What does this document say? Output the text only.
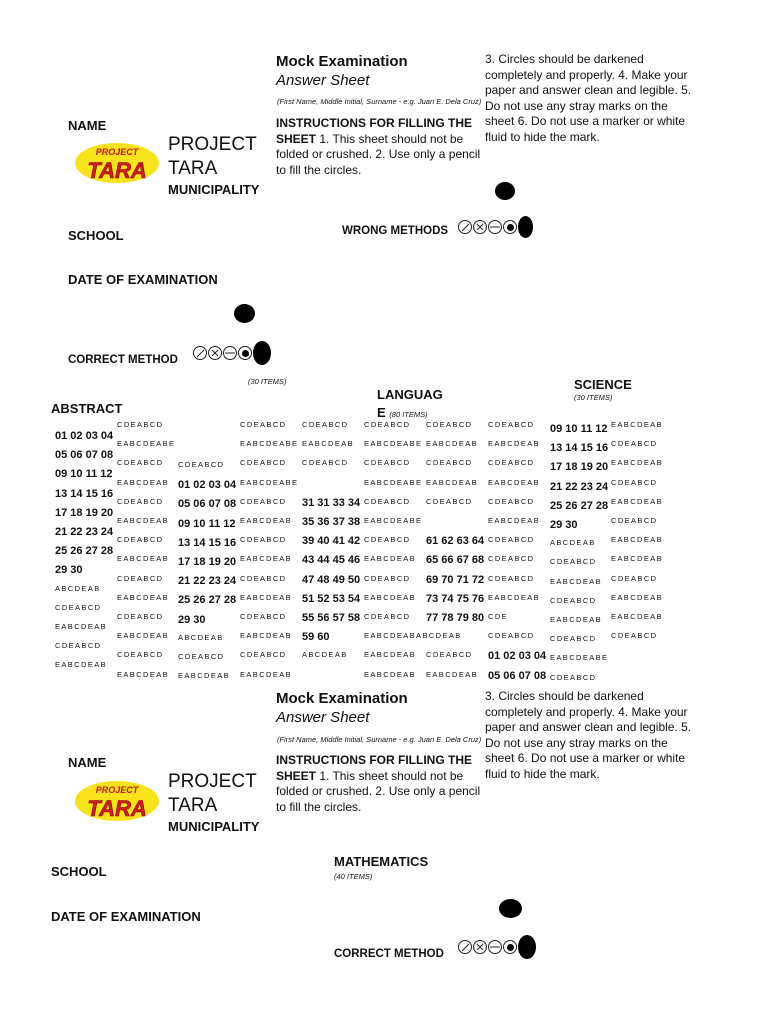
Mock Examination
Answer Sheet
(First Name, Middle Initial, Surname - e.g. Juan E. Dela Cruz)
INSTRUCTIONS FOR FILLING THE
SHEET 1. This sheet should not be folded or crushed. 2. Use only a pencil to fill the circles.
3. Circles should be darkened completely and properly. 4. Make your paper and answer clean and legible. 5. Do not use any stray marks on the sheet 6. Do not use a marker or white fluid to hide the mark.
NAME
PROJECT
TARA
PROJECT
TARA
MUNICIPALITY
SCHOOL	WRONG METHODS
DATE OF EXAMINATION
CORRECT METHOD
(30 ITEMS)
ABSTRACT
LANGUAG
E (80 ITEMS)
SCIENCE
(30 ITEMS)
01 02 03 04
05 06 07 08
09 10 11 12
13 14 15 16
17 18 19 20
21 22 23 24
25 26 27 28
29 30
ABCDEAB
CDEABCD
EABCDEAB
CDEABCD
EABCDEAB
CDEABCD
EABCDEABE
CDEABCD
EABCDEAB
CDEABCD
EABCDEAB
CDEABCD
EABCDEAB
CDEABCD
EABCDEAB
CDEABCD
EABCDEAB
CDEABCD
EABCDEAB
CDEABCD
01 02 03 04
05 06 07 08
09 10 11 12
13 14 15 16
17 18 19 20
21 22 23 24
25 26 27 28
29 30
ABCDEAB
CDEABCD
EABCDEAB
CDEABCD
EABCDEABE
CDEABCD
EABCDEABE
CDEABCD
EABCDEAB
CDEABCD
EABCDEAB
CDEABCD
EABCDEAB
CDEABCD
EABCDEAB
CDEABCD
EABCDEAB
CDEABCD
EABCDEAB
CDEABCD
31 31 33 34
35 36 37 38
39 40 41 42
43 44 45 46
47 48 49 50
51 52 53 54
55 56 57 58
59 60
ABCDEAB
CDEABCD
EABCDEABE
CDEABCD
EABCDEABE
CDEABCD
EABCDEABE
CDEABCD
EABCDEAB
CDEABCD
EABCDEAB
CDEABCD
EABCDEABABCDEAB
EABCDEAB
EABCDEAB
CDEABCD
EABCDEAB
CDEABCD
EABCDEAB
CDEABCD
61 62 63 64
65 66 67 68
69 70 71 72
73 74 75 76
77 78 79 80
CDEABCD
EABCDEAB
CDEABCD
EABCDEAB
CDEABCD
EABCDEAB
CDEABCD
EABCDEAB
CDEABCD
CDEABCD
CDEABCD
EABCDEAB
CDE
CDEABCD
01 02 03 04
05 06 07 08
09 10 11 12
13 14 15 16
17 18 19 20
21 22 23 24
25 26 27 28
29 30
ABCDEAB
CDEABCD
EABCDEAB
CDEABCD
EABCDEAB
CDEABCD
EABCDEABE
CDEABCD
EABCDEAB
CDEABCD
EABCDEAB
CDEABCD
EABCDEAB
CDEABCD
EABCDEAB
EABCDEAB
CDEABCD
EABCDEAB
EABCDEAB
CDEABCD
Mock Examination
Answer Sheet
(First Name, Middle Initial, Surname - e.g. Juan E. Dela Cruz)
INSTRUCTIONS FOR FILLING THE
SHEET 1. This sheet should not be folded or crushed. 2. Use only a pencil to fill the circles.
3. Circles should be darkened completely and properly. 4. Make your paper and answer clean and legible. 5. Do not use any stray marks on the sheet 6. Do not use a marker or white fluid to hide the mark.
NAME
PROJECT
TARA
PROJECT
TARA
MUNICIPALITY
MATHEMATICS
(40 ITEMS)
SCHOOL
DATE OF EXAMINATION
CORRECT METHOD
